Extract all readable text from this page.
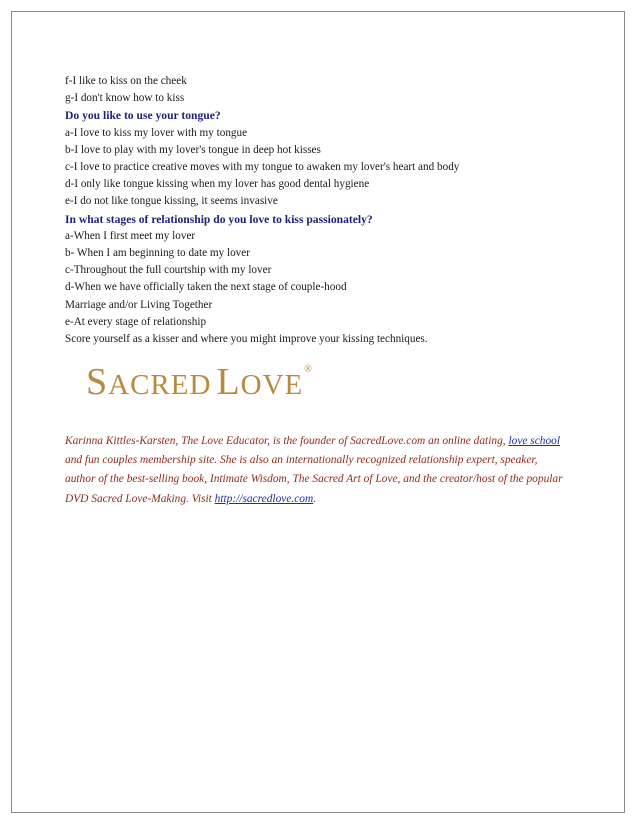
f-I like to kiss on the cheek
g-I don't know how to kiss
Do you like to use your tongue?
a-I love to kiss my lover with my tongue
b-I love to play with my lover's tongue in deep hot kisses
c-I love to practice creative moves with my tongue to awaken my lover's heart and body
d-I only like tongue kissing when my lover has good dental hygiene
e-I do not like tongue kissing, it seems invasive
In what stages of relationship do you love to kiss passionately?
a-When I first meet my lover
b- When I am beginning to date my lover
c-Throughout the full courtship with my lover
d-When we have officially taken the next stage of couple-hood
Marriage and/or Living Together
e-At every stage of relationship
Score yourself as a kisser and where you might improve your kissing techniques.
SACRED LOVE®
Karinna Kittles-Karsten, The Love Educator, is the founder of SacredLove.com an online dating, love school and fun couples membership site. She is also an internationally recognized relationship expert, speaker, author of the best-selling book, Intimate Wisdom, The Sacred Art of Love, and the creator/host of the popular DVD Sacred Love-Making. Visit http://sacredlove.com.
